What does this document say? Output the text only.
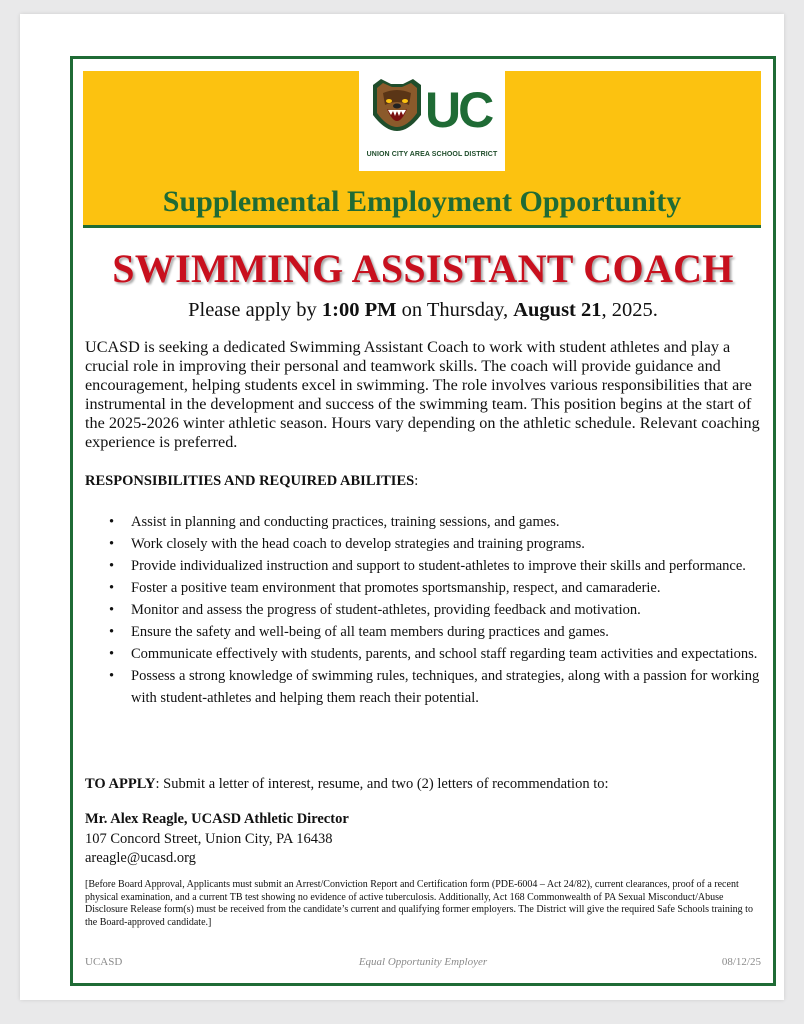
UC
UNION CITY AREA SCHOOL DISTRICT
Supplemental Employment Opportunity
SWIMMING ASSISTANT COACH
Please apply by 1:00 PM on Thursday, August 21, 2025.
UCASD is seeking a dedicated Swimming Assistant Coach to work with student athletes and play a crucial role in improving their personal and teamwork skills. The coach will provide guidance and encouragement, helping students excel in swimming. The role involves various responsibilities that are instrumental in the development and success of the swimming team. This position begins at the start of the 2025-2026 winter athletic season. Hours vary depending on the athletic schedule. Relevant coaching experience is preferred.
RESPONSIBILITIES AND REQUIRED ABILITIES:
• Assist in planning and conducting practices, training sessions, and games.
• Work closely with the head coach to develop strategies and training programs.
• Provide individualized instruction and support to student-athletes to improve their skills and performance.
• Foster a positive team environment that promotes sportsmanship, respect, and camaraderie.
• Monitor and assess the progress of student-athletes, providing feedback and motivation.
• Ensure the safety and well-being of all team members during practices and games.
• Communicate effectively with students, parents, and school staff regarding team activities and expectations.
• Possess a strong knowledge of swimming rules, techniques, and strategies, along with a passion for working with student-athletes and helping them reach their potential.
TO APPLY: Submit a letter of interest, resume, and two (2) letters of recommendation to:
Mr. Alex Reagle, UCASD Athletic Director
107 Concord Street, Union City, PA 16438
areagle@ucasd.org
[Before Board Approval, Applicants must submit an Arrest/Conviction Report and Certification form (PDE-6004 – Act 24/82), current clearances, proof of a recent physical examination, and a current TB test showing no evidence of active tuberculosis. Additionally, Act 168 Commonwealth of PA Sexual Misconduct/Abuse Disclosure Release form(s) must be received from the candidate’s current and qualifying former employers. The District will give the required Safe Schools training to the Board-approved candidate.]
UCASD	Equal Opportunity Employer	08/12/25
